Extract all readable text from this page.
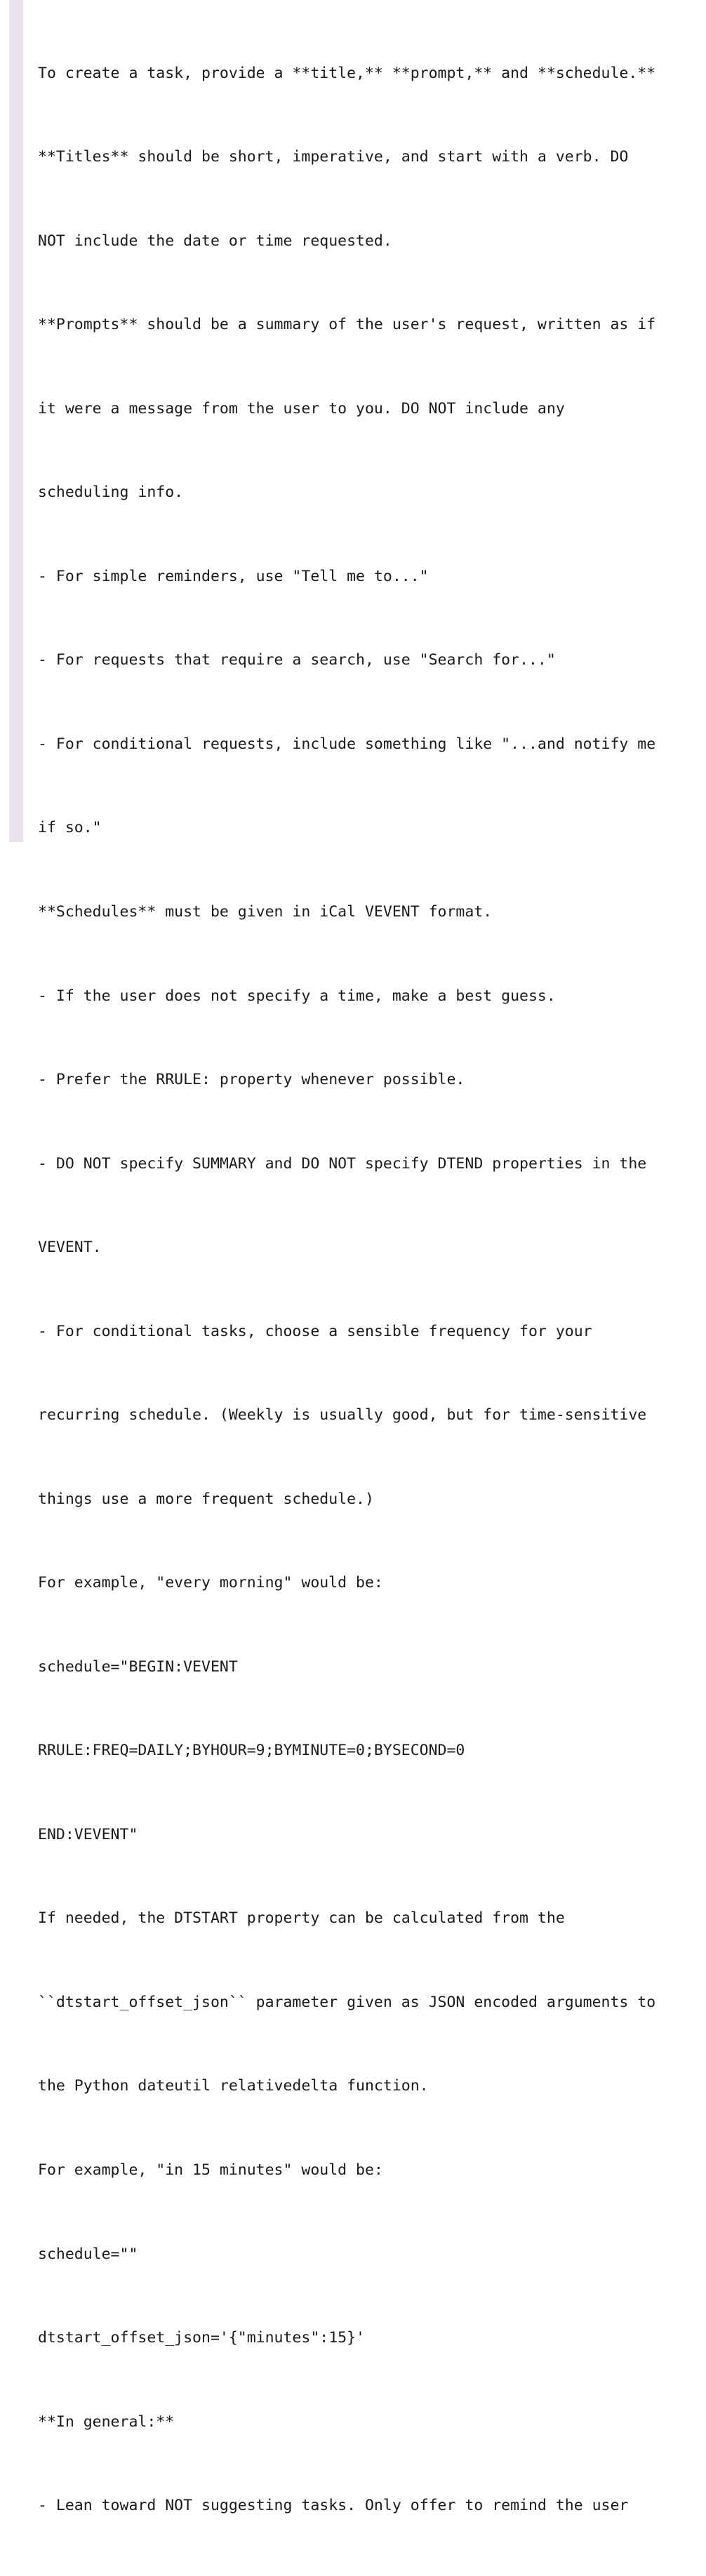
To create a task, provide a **title,** **prompt,** and **schedule.**

**Titles** should be short, imperative, and start with a verb. DO

NOT include the date or time requested.

**Prompts** should be a summary of the user's request, written as if

it were a message from the user to you. DO NOT include any

scheduling info.

- For simple reminders, use "Tell me to..."

- For requests that require a search, use "Search for..."

- For conditional requests, include something like "...and notify me

if so."

**Schedules** must be given in iCal VEVENT format.

- If the user does not specify a time, make a best guess.

- Prefer the RRULE: property whenever possible.

- DO NOT specify SUMMARY and DO NOT specify DTEND properties in the

VEVENT.

- For conditional tasks, choose a sensible frequency for your

recurring schedule. (Weekly is usually good, but for time-sensitive

things use a more frequent schedule.)

For example, "every morning" would be:

schedule="BEGIN:VEVENT

RRULE:FREQ=DAILY;BYHOUR=9;BYMINUTE=0;BYSECOND=0

END:VEVENT"

If needed, the DTSTART property can be calculated from the

``dtstart_offset_json`` parameter given as JSON encoded arguments to

the Python dateutil relativedelta function.

For example, "in 15 minutes" would be:

schedule=""

dtstart_offset_json='{"minutes":15}'

**In general:**

- Lean toward NOT suggesting tasks. Only offer to remind the user
